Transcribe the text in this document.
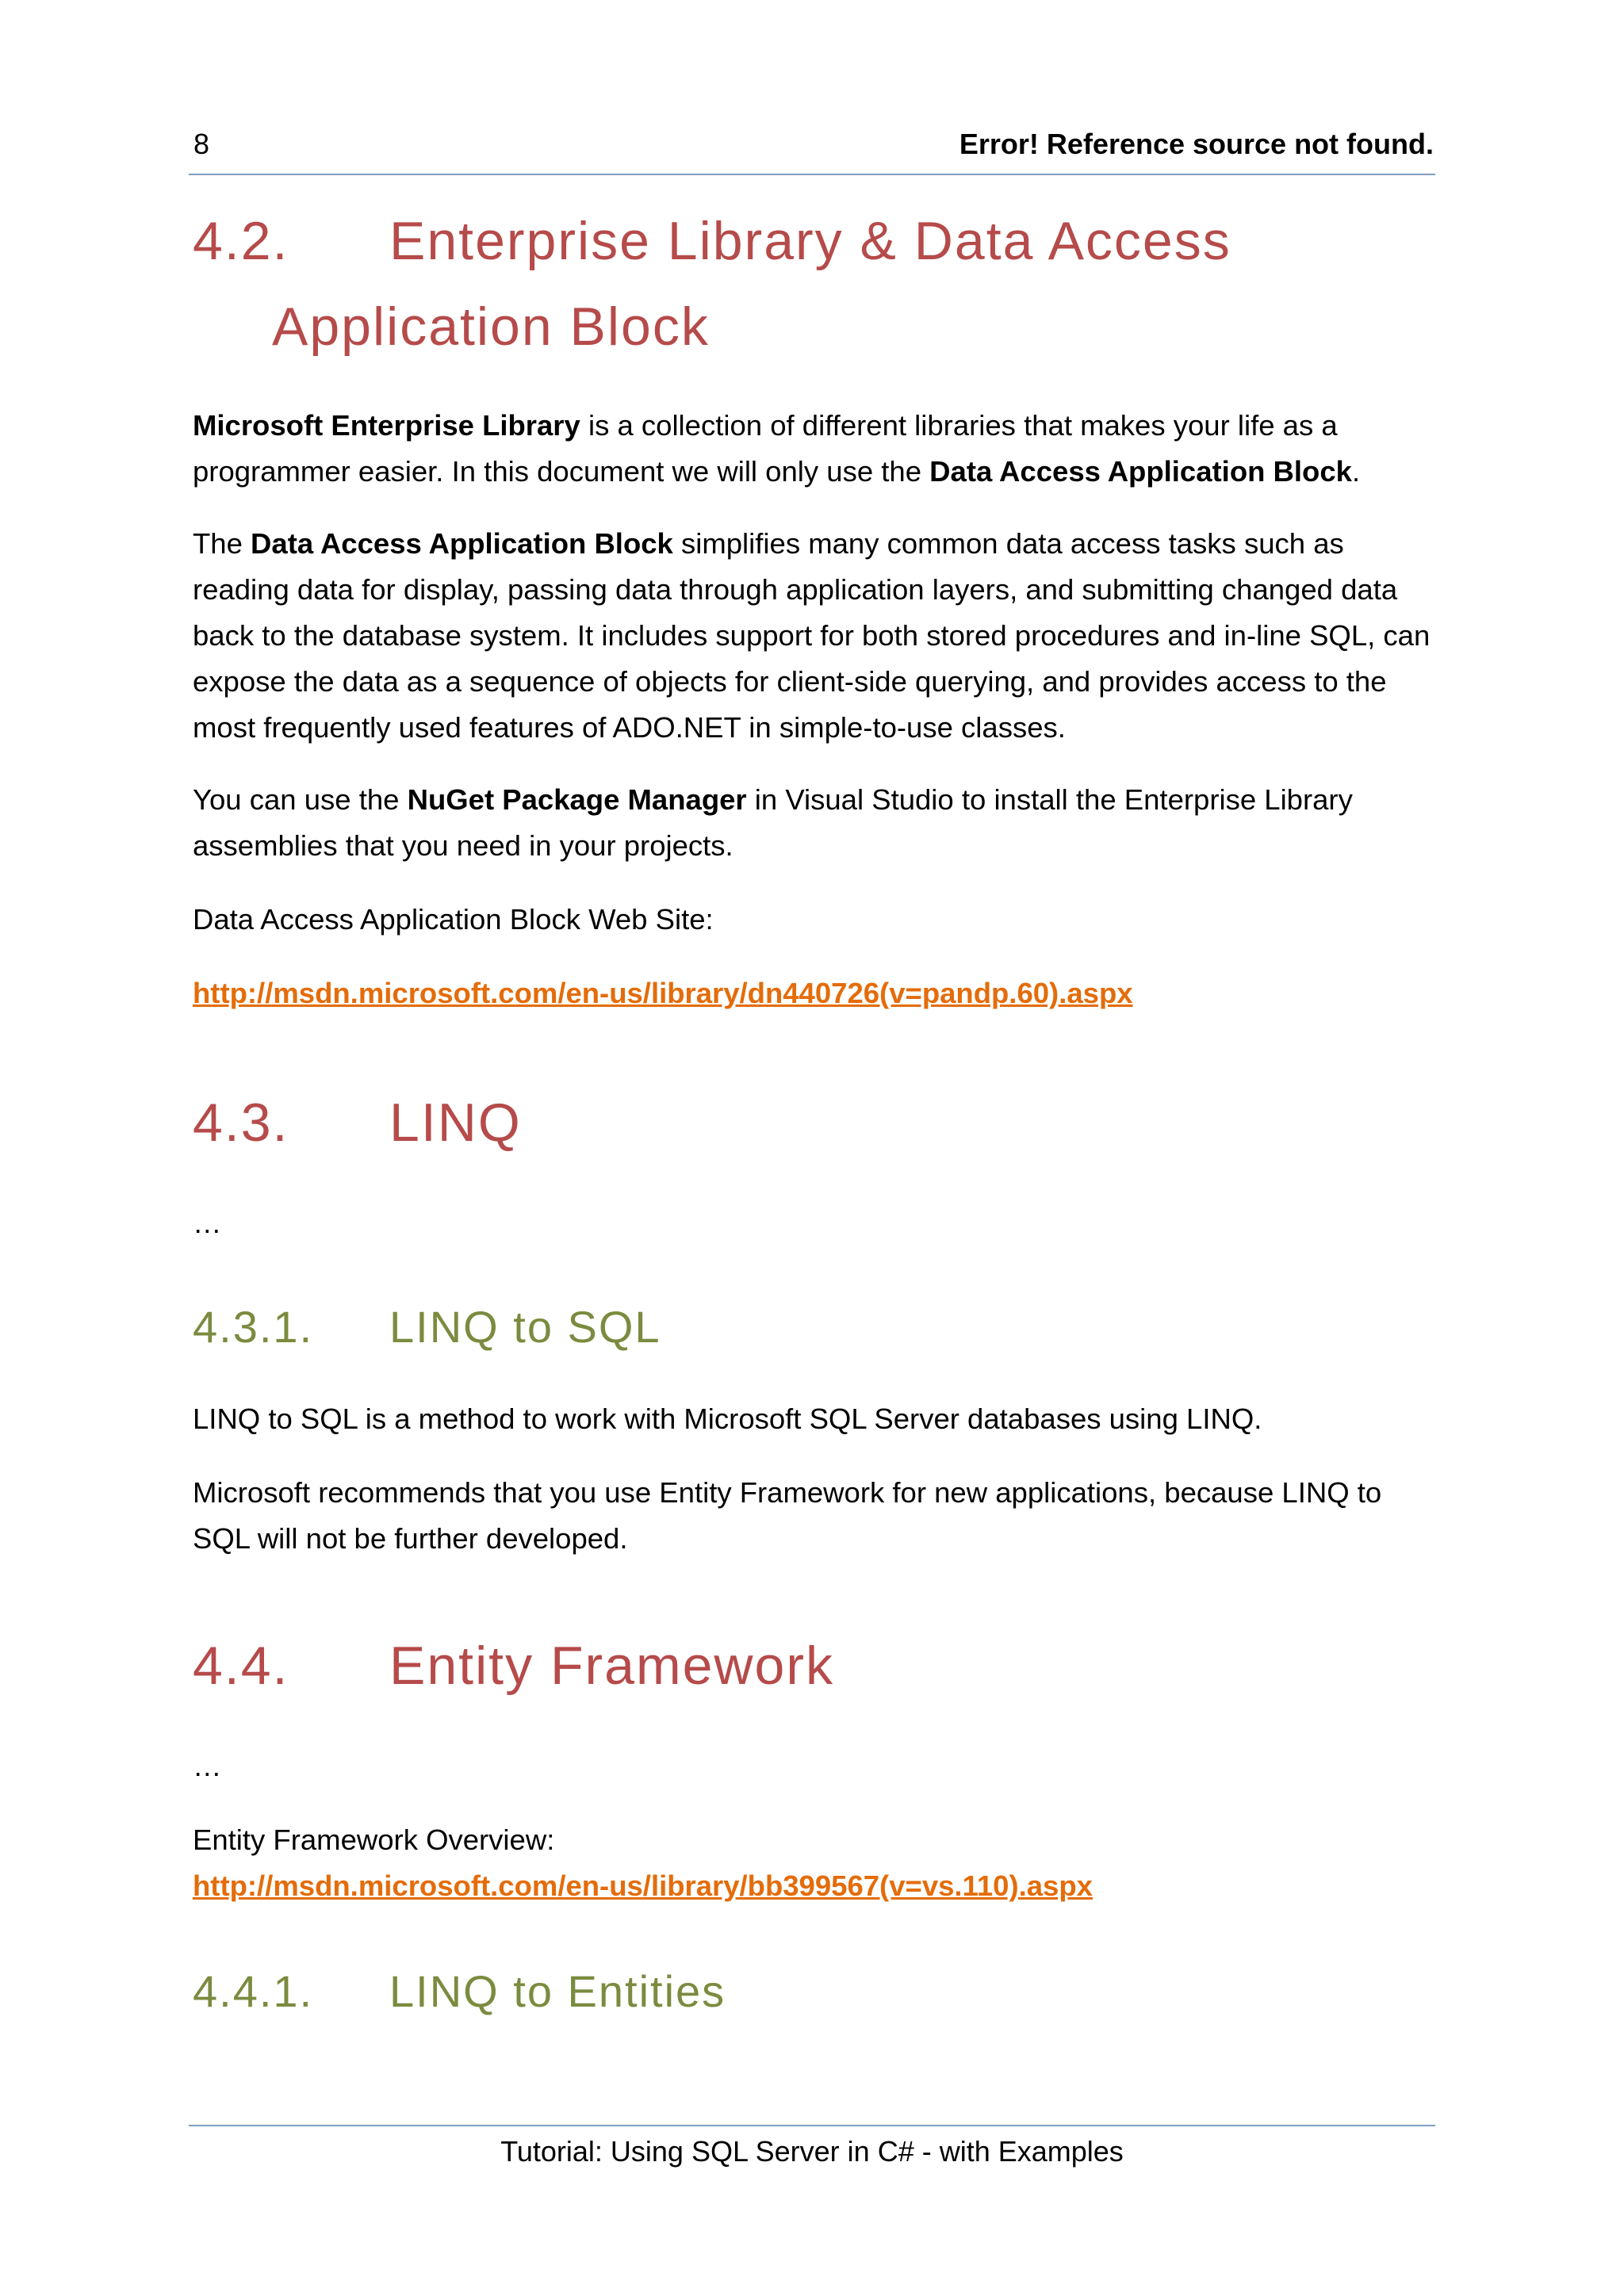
8	Error! Reference source not found.
4.2. Enterprise Library & Data Access
Application Block

Microsoft Enterprise Library is a collection of different libraries that makes your life as a programmer easier. In this document we will only use the Data Access Application Block.

The Data Access Application Block simplifies many common data access tasks such as reading data for display, passing data through application layers, and submitting changed data back to the database system. It includes support for both stored procedures and in-line SQL, can expose the data as a sequence of objects for client-side querying, and provides access to the most frequently used features of ADO.NET in simple-to-use classes.

You can use the NuGet Package Manager in Visual Studio to install the Enterprise Library assemblies that you need in your projects.

Data Access Application Block Web Site:

http://msdn.microsoft.com/en-us/library/dn440726(v=pandp.60).aspx

4.3. LINQ

…

4.3.1. LINQ to SQL

LINQ to SQL is a method to work with Microsoft SQL Server databases using LINQ.

Microsoft recommends that you use Entity Framework for new applications, because LINQ to SQL will not be further developed.

4.4. Entity Framework

…

Entity Framework Overview:
http://msdn.microsoft.com/en-us/library/bb399567(v=vs.110).aspx

4.4.1. LINQ to Entities
Tutorial: Using SQL Server in C# - with Examples
